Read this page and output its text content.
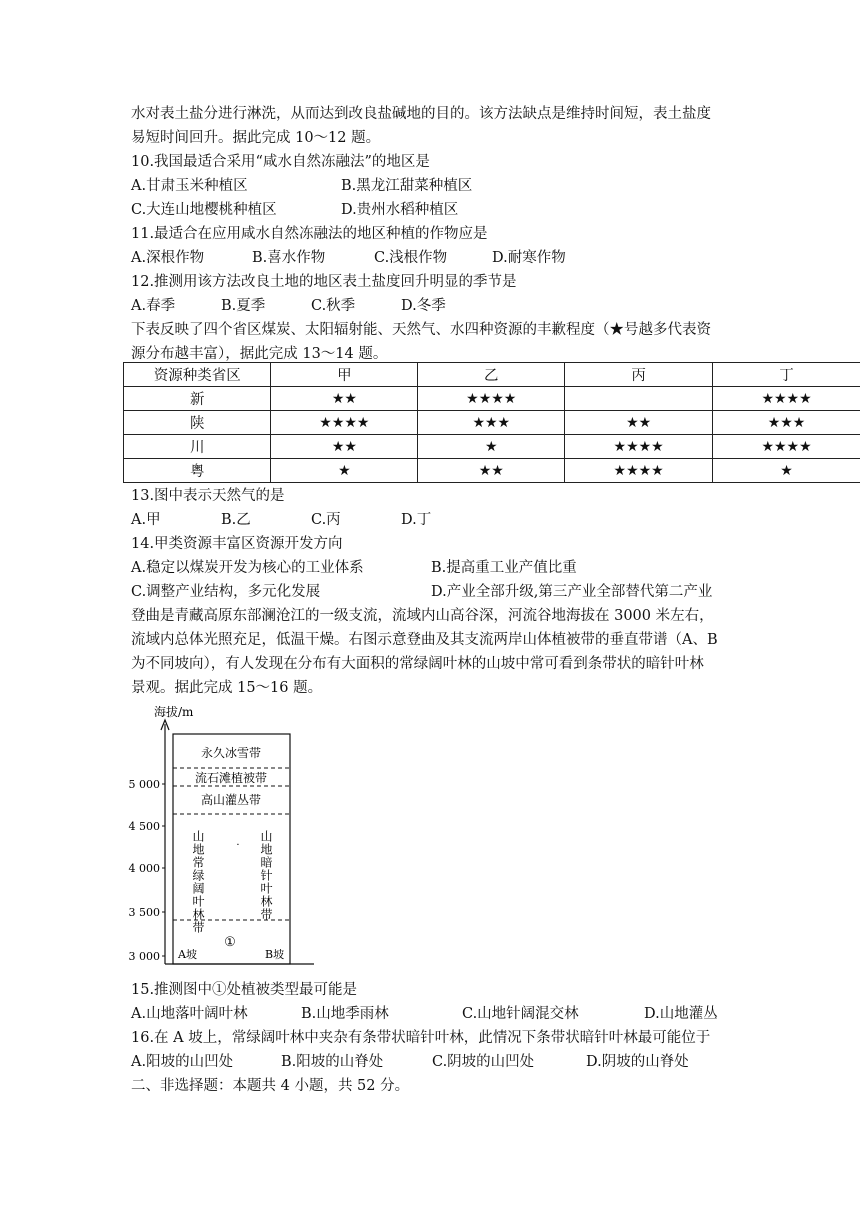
水对表土盐分进行淋洗，从而达到改良盐碱地的目的。该方法缺点是维持时间短，表土盐度
易短时间回升。据此完成 10～12 题。
10.我国最适合采用“咸水自然冻融法”的地区是
A.甘肃玉米种植区	B.黑龙江甜菜种植区
C.大连山地樱桃种植区	D.贵州水稻种植区
11.最适合在应用咸水自然冻融法的地区种植的作物应是
A.深根作物	B.喜水作物	C.浅根作物	D.耐寒作物
12.推测用该方法改良土地的地区表土盐度回升明显的季节是
A.春季	B.夏季	C.秋季	D.冬季
下表反映了四个省区煤炭、太阳辐射能、天然气、水四种资源的丰歉程度（★号越多代表资
源分布越丰富），据此完成 13～14 题。
资源种类省区	甲	乙	丙	丁
新	★★	★★★★		★★★★
陕	★★★★	★★★	★★	★★★
川	★★	★	★★★★	★★★★
粤	★	★★	★★★★	★
13.图中表示天然气的是
A.甲	B.乙	C.丙	D.丁
14.甲类资源丰富区资源开发方向
A.稳定以煤炭开发为核心的工业体系	B.提高重工业产值比重
C.调整产业结构，多元化发展	D.产业全部升级,第三产业全部替代第二产业
登曲是青藏高原东部澜沧江的一级支流，流域内山高谷深，河流谷地海拔在 3000 米左右，
流域内总体光照充足，低温干燥。右图示意登曲及其支流两岸山体植被带的垂直带谱（A、B
为不同坡向），有人发现在分布有大面积的常绿阔叶林的山坡中常可看到条带状的暗针叶林
景观。据此完成 15～16 题。
海拔/m
5 000
4 500
4 000
3 500
3 000
永久冰雪带
流石滩植被带
高山灌丛带
山地常绿阔叶林带	山地暗针叶林带
·
①
A坡	B坡
15.推测图中①处植被类型最可能是
A.山地落叶阔叶林	B.山地季雨林	C.山地针阔混交林	D.山地灌丛
16.在 A 坡上，常绿阔叶林中夹杂有条带状暗针叶林，此情况下条带状暗针叶林最可能位于
A.阳坡的山凹处	B.阳坡的山脊处	C.阴坡的山凹处	D.阴坡的山脊处
二、非选择题：本题共 4 小题，共 52 分。
